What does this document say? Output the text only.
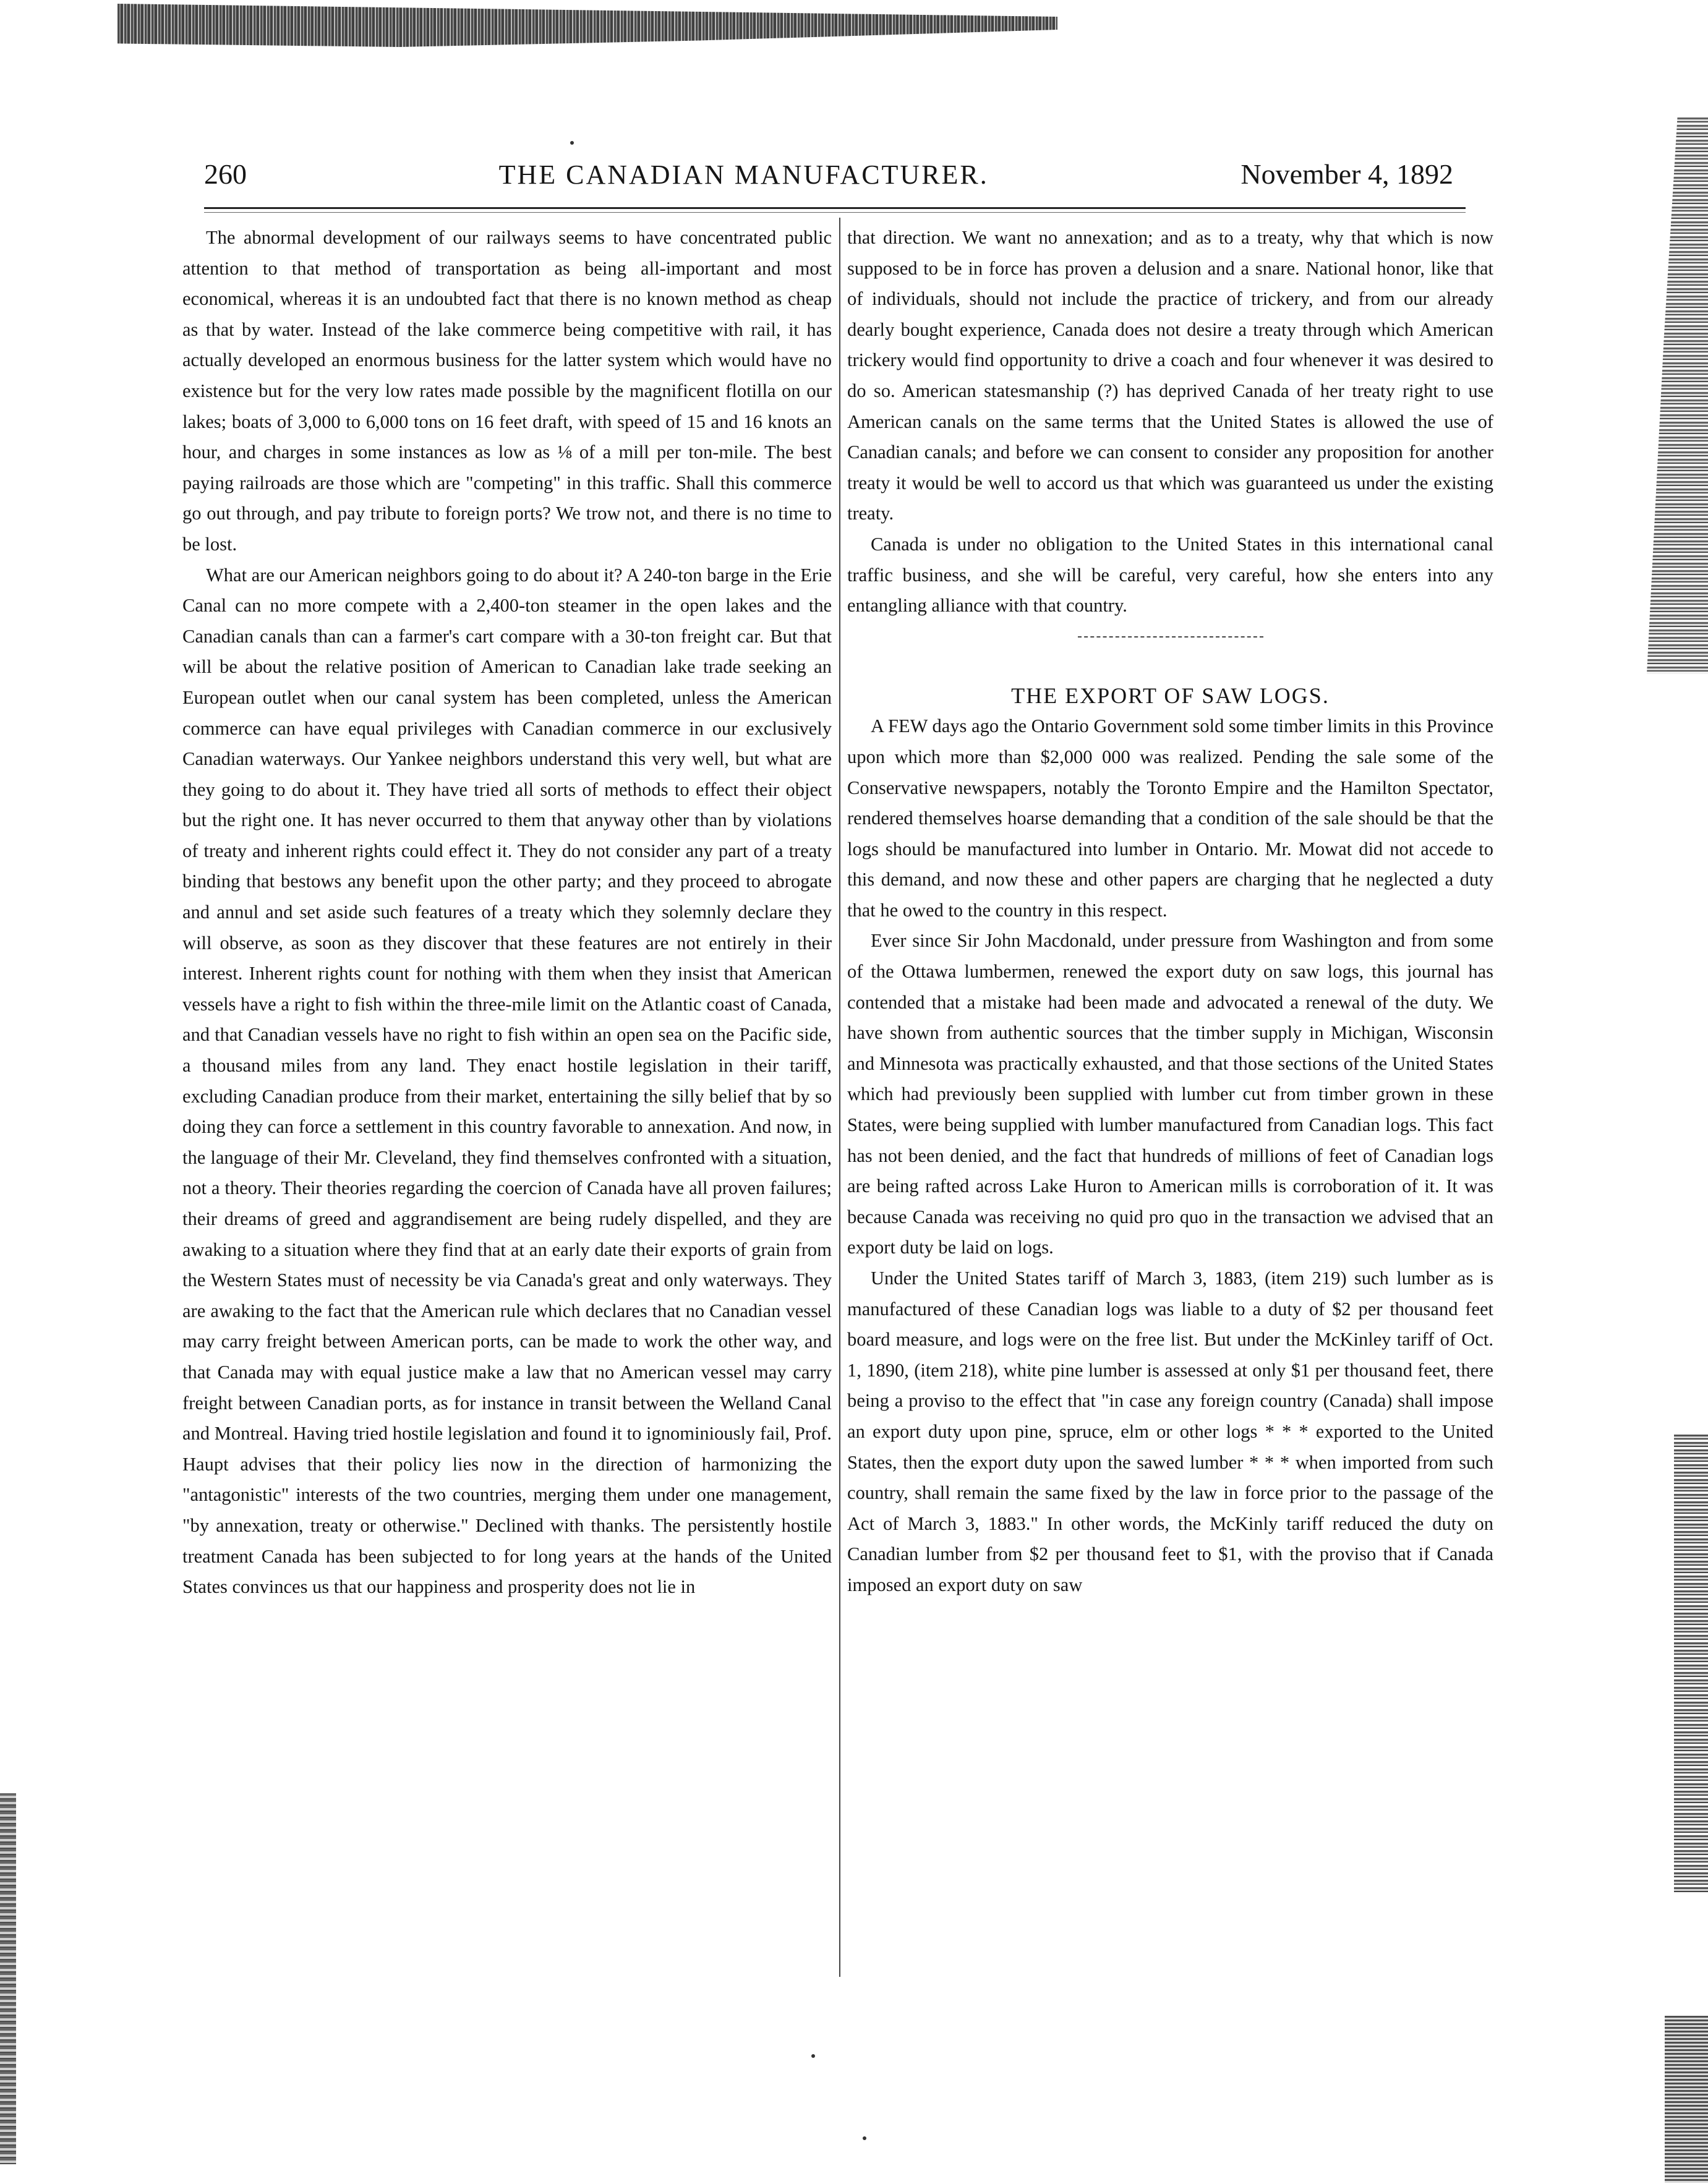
260	THE CANADIAN MANUFACTURER.	November 4, 1892

The abnormal development of our railways seems to have concentrated public attention to that method of transportation as being all-important and most economical, whereas it is an undoubted fact that there is no known method as cheap as that by water. Instead of the lake commerce being competitive with rail, it has actually developed an enormous business for the latter system which would have no existence but for the very low rates made possible by the magnificent flotilla on our lakes; boats of 3,000 to 6,000 tons on 16 feet draft, with speed of 15 and 16 knots an hour, and charges in some instances as low as ⅛ of a mill per ton-mile. The best paying railroads are those which are "competing" in this traffic. Shall this commerce go out through, and pay tribute to foreign ports? We trow not, and there is no time to be lost.

What are our American neighbors going to do about it? A 240-ton barge in the Erie Canal can no more compete with a 2,400-ton steamer in the open lakes and the Canadian canals than can a farmer's cart compare with a 30-ton freight car. But that will be about the relative position of American to Canadian lake trade seeking an European outlet when our canal system has been completed, unless the American commerce can have equal privileges with Canadian commerce in our exclusively Canadian waterways. Our Yankee neighbors understand this very well, but what are they going to do about it. They have tried all sorts of methods to effect their object but the right one. It has never occurred to them that anyway other than by violations of treaty and inherent rights could effect it. They do not consider any part of a treaty binding that bestows any benefit upon the other party; and they proceed to abrogate and annul and set aside such features of a treaty which they solemnly declare they will observe, as soon as they discover that these features are not entirely in their interest. Inherent rights count for nothing with them when they insist that American vessels have a right to fish within the three-mile limit on the Atlantic coast of Canada, and that Canadian vessels have no right to fish within an open sea on the Pacific side, a thousand miles from any land. They enact hostile legislation in their tariff, excluding Canadian produce from their market, entertaining the silly belief that by so doing they can force a settlement in this country favorable to annexation. And now, in the language of their Mr. Cleveland, they find themselves confronted with a situation, not a theory. Their theories regarding the coercion of Canada have all proven failures; their dreams of greed and aggrandisement are being rudely dispelled, and they are awaking to a situation where they find that at an early date their exports of grain from the Western States must of necessity be via Canada's great and only waterways. They are awaking to the fact that the American rule which declares that no Canadian vessel may carry freight between American ports, can be made to work the other way, and that Canada may with equal justice make a law that no American vessel may carry freight between Canadian ports, as for instance in transit between the Welland Canal and Montreal. Having tried hostile legislation and found it to ignominiously fail, Prof. Haupt advises that their policy lies now in the direction of harmonizing the "antagonistic" interests of the two countries, merging them under one management, "by annexation, treaty or otherwise." Declined with thanks. The persistently hostile treatment Canada has been subjected to for long years at the hands of the United States convinces us that our happiness and prosperity does not lie in

that direction. We want no annexation; and as to a treaty, why that which is now supposed to be in force has proven a delusion and a snare. National honor, like that of individuals, should not include the practice of trickery, and from our already dearly bought experience, Canada does not desire a treaty through which American trickery would find opportunity to drive a coach and four whenever it was desired to do so. American statesmanship (?) has deprived Canada of her treaty right to use American canals on the same terms that the United States is allowed the use of Canadian canals; and before we can consent to consider any proposition for another treaty it would be well to accord us that which was guaranteed us under the existing treaty.

Canada is under no obligation to the United States in this international canal traffic business, and she will be careful, very careful, how she enters into any entangling alliance with that country.

THE EXPORT OF SAW LOGS.

A FEW days ago the Ontario Government sold some timber limits in this Province upon which more than $2,000 000 was realized. Pending the sale some of the Conservative newspapers, notably the Toronto Empire and the Hamilton Spectator, rendered themselves hoarse demanding that a condition of the sale should be that the logs should be manufactured into lumber in Ontario. Mr. Mowat did not accede to this demand, and now these and other papers are charging that he neglected a duty that he owed to the country in this respect.

Ever since Sir John Macdonald, under pressure from Washington and from some of the Ottawa lumbermen, renewed the export duty on saw logs, this journal has contended that a mistake had been made and advocated a renewal of the duty. We have shown from authentic sources that the timber supply in Michigan, Wisconsin and Minnesota was practically exhausted, and that those sections of the United States which had previously been supplied with lumber cut from timber grown in these States, were being supplied with lumber manufactured from Canadian logs. This fact has not been denied, and the fact that hundreds of millions of feet of Canadian logs are being rafted across Lake Huron to American mills is corroboration of it. It was because Canada was receiving no quid pro quo in the transaction we advised that an export duty be laid on logs.

Under the United States tariff of March 3, 1883, (item 219) such lumber as is manufactured of these Canadian logs was liable to a duty of $2 per thousand feet board measure, and logs were on the free list. But under the McKinley tariff of Oct. 1, 1890, (item 218), white pine lumber is assessed at only $1 per thousand feet, there being a proviso to the effect that "in case any foreign country (Canada) shall impose an export duty upon pine, spruce, elm or other logs * * * exported to the United States, then the export duty upon the sawed lumber * * * when imported from such country, shall remain the same fixed by the law in force prior to the passage of the Act of March 3, 1883." In other words, the McKinly tariff reduced the duty on Canadian lumber from $2 per thousand feet to $1, with the proviso that if Canada imposed an export duty on saw
